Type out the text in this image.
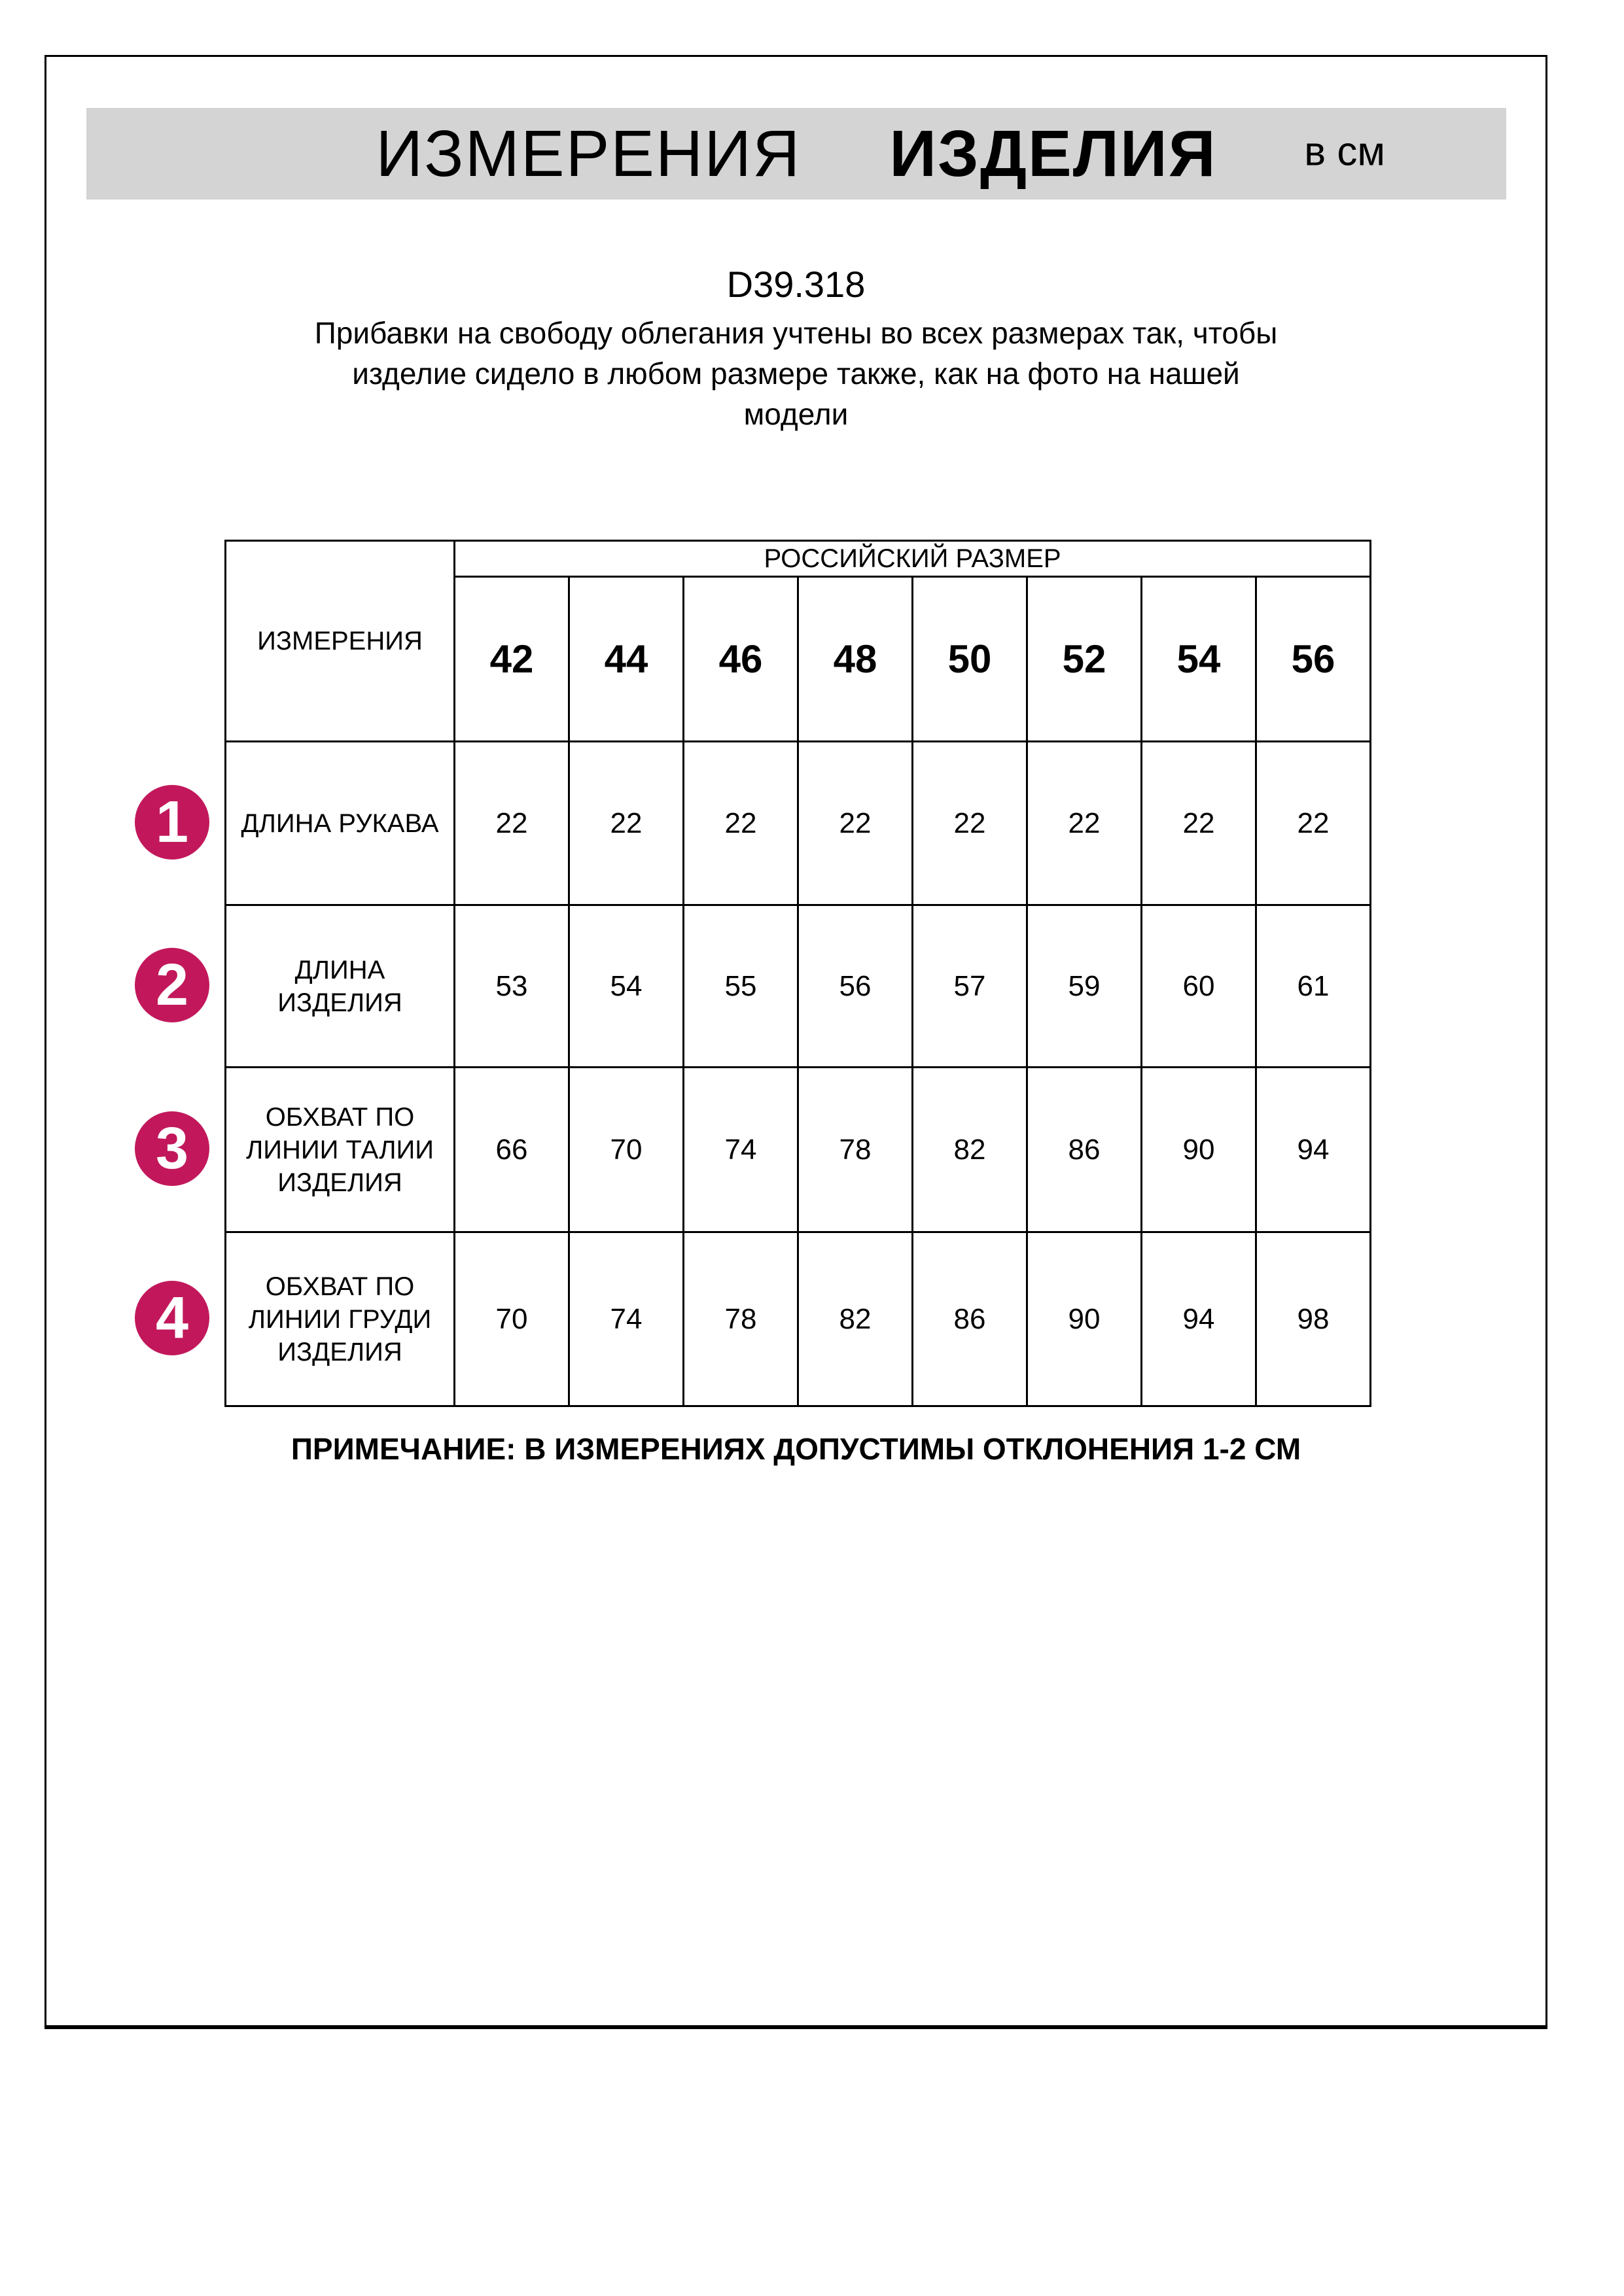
ИЗМЕРЕНИЯ ИЗДЕЛИЯ в см
D39.318
Прибавки на свободу облегания учтены во всех размерах так, чтобы
изделие сидело в любом размере также, как на фото на нашей
модели
ИЗМЕРЕНИЯ	РОССИЙСКИЙ РАЗМЕР							
	42	44	46	48	50	52	54	56
ДЛИНА РУКАВА	22	22	22	22	22	22	22	22
ДЛИНА
ИЗДЕЛИЯ	53	54	55	56	57	59	60	61
ОБХВАТ ПО
ЛИНИИ ТАЛИИ
ИЗДЕЛИЯ	66	70	74	78	82	86	90	94
ОБХВАТ ПО
ЛИНИИ ГРУДИ
ИЗДЕЛИЯ	70	74	78	82	86	90	94	98
1
2
3
4
ПРИМЕЧАНИЕ: В ИЗМЕРЕНИЯХ ДОПУСТИМЫ ОТКЛОНЕНИЯ 1-2 СМ
